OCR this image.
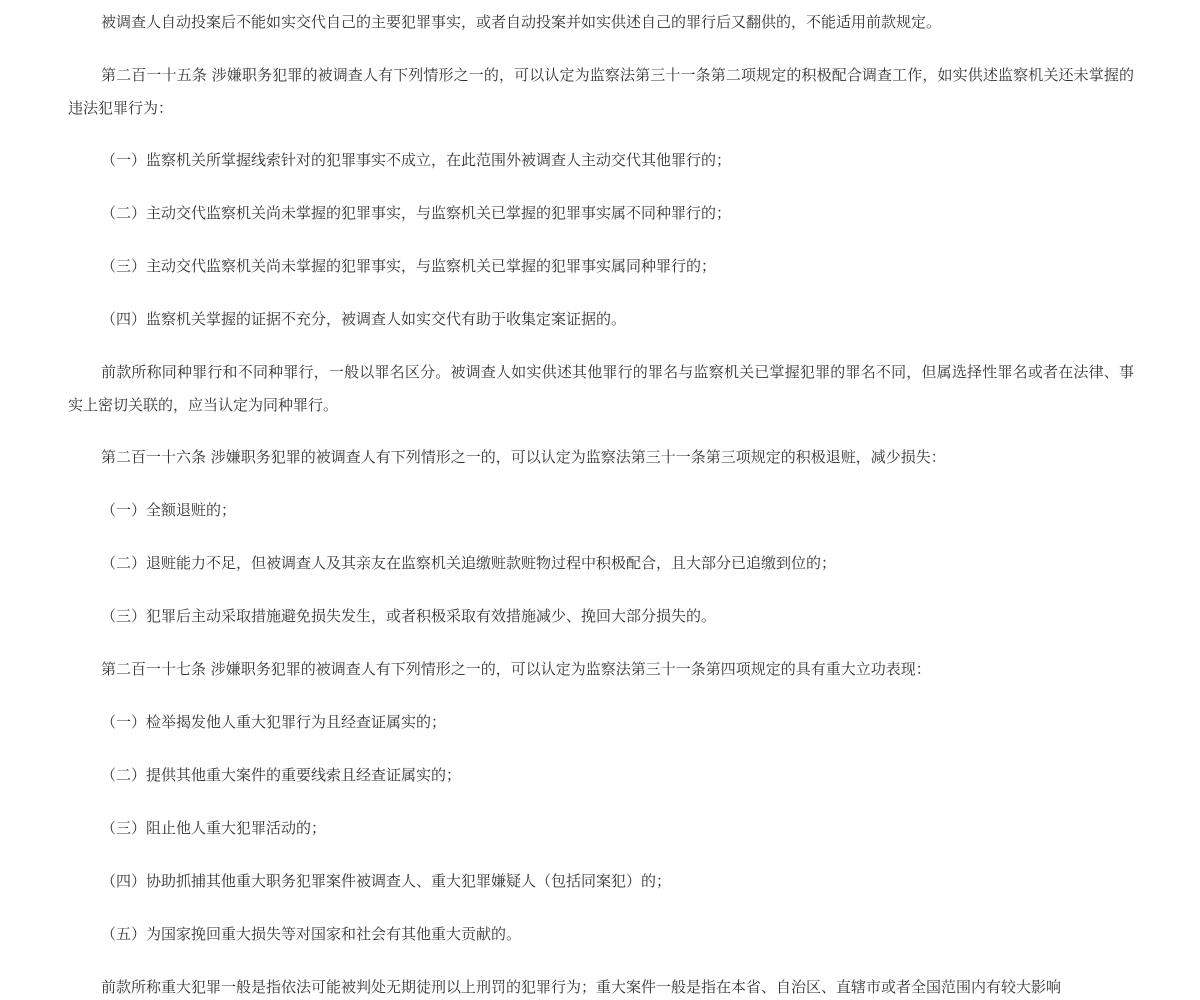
被调查人自动投案后不能如实交代自己的主要犯罪事实，或者自动投案并如实供述自己的罪行后又翻供的，不能适用前款规定。

第二百一十五条 涉嫌职务犯罪的被调查人有下列情形之一的，可以认定为监察法第三十一条第二项规定的积极配合调查工作，如实供述监察机关还未掌握的违法犯罪行为：

（一）监察机关所掌握线索针对的犯罪事实不成立，在此范围外被调查人主动交代其他罪行的；

（二）主动交代监察机关尚未掌握的犯罪事实，与监察机关已掌握的犯罪事实属不同种罪行的；

（三）主动交代监察机关尚未掌握的犯罪事实，与监察机关已掌握的犯罪事实属同种罪行的；

（四）监察机关掌握的证据不充分，被调查人如实交代有助于收集定案证据的。

前款所称同种罪行和不同种罪行，一般以罪名区分。被调查人如实供述其他罪行的罪名与监察机关已掌握犯罪的罪名不同，但属选择性罪名或者在法律、事实上密切关联的，应当认定为同种罪行。

第二百一十六条 涉嫌职务犯罪的被调查人有下列情形之一的，可以认定为监察法第三十一条第三项规定的积极退赃，减少损失：

（一）全额退赃的；

（二）退赃能力不足，但被调查人及其亲友在监察机关追缴赃款赃物过程中积极配合，且大部分已追缴到位的；

（三）犯罪后主动采取措施避免损失发生，或者积极采取有效措施减少、挽回大部分损失的。

第二百一十七条 涉嫌职务犯罪的被调查人有下列情形之一的，可以认定为监察法第三十一条第四项规定的具有重大立功表现：

（一）检举揭发他人重大犯罪行为且经查证属实的；

（二）提供其他重大案件的重要线索且经查证属实的；

（三）阻止他人重大犯罪活动的；

（四）协助抓捕其他重大职务犯罪案件被调查人、重大犯罪嫌疑人（包括同案犯）的；

（五）为国家挽回重大损失等对国家和社会有其他重大贡献的。

前款所称重大犯罪一般是指依法可能被判处无期徒刑以上刑罚的犯罪行为；重大案件一般是指在本省、自治区、直辖市或者全国范围内有较大影响
